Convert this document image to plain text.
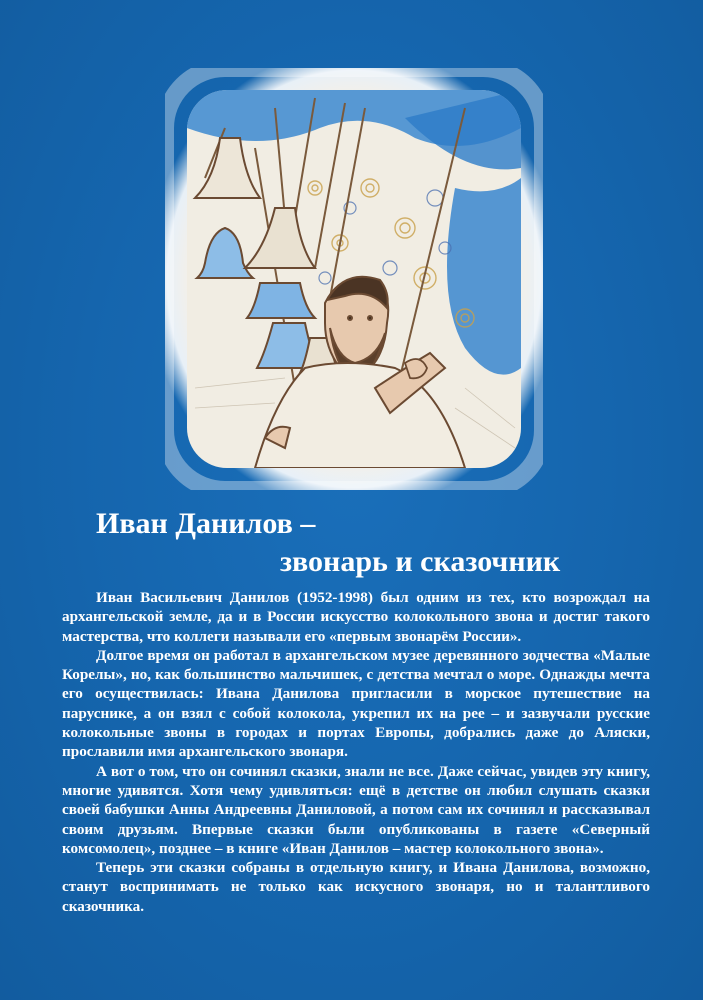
Иван Данилов –
звонарь и сказочник

Иван Васильевич Данилов (1952-1998) был одним из тех, кто возрождал на архангельской земле, да и в России искусство колокольного звона и достиг такого мастерства, что коллеги называли его «первым звонарём России».

Долгое время он работал в архангельском музее деревянного зодчества «Малые Корелы», но, как большинство мальчишек, с детства мечтал о море. Однажды мечта его осуществилась: Ивана Данилова пригласили в морское путешествие на паруснике, а он взял с собой колокола, укрепил их на рее – и зазвучали русские колокольные звоны в городах и портах Европы, добрались даже до Аляски, прославили имя архангельского звонаря.

А вот о том, что он сочинял сказки, знали не все. Даже сейчас, увидев эту книгу, многие удивятся. Хотя чему удивляться: ещё в детстве он любил слушать сказки своей бабушки Анны Андреевны Даниловой, а потом сам их сочинял и рассказывал своим друзьям. Впервые сказки были опубликованы в газете «Северный комсомолец», позднее – в книге «Иван Данилов – мастер колокольного звона».

Теперь эти сказки собраны в отдельную книгу, и Ивана Данилова, возможно, станут воспринимать не только как искусного звонаря, но и талантливого сказочника.
